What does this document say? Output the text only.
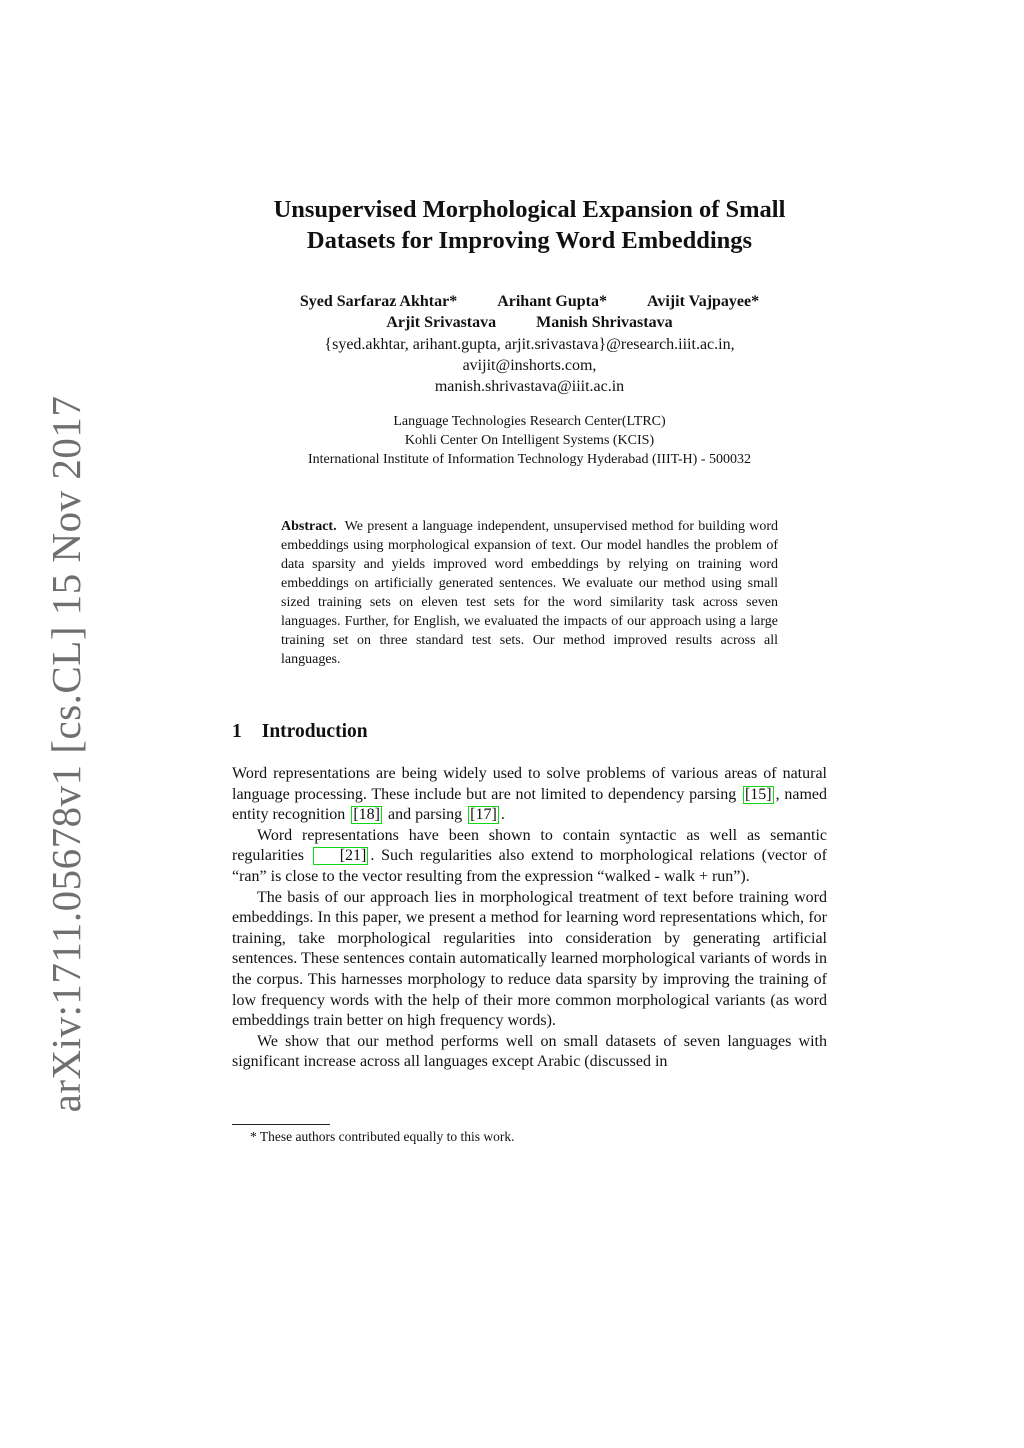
arXiv:1711.05678v1 [cs.CL] 15 Nov 2017
Unsupervised Morphological Expansion of Small
Datasets for Improving Word Embeddings
Syed Sarfaraz Akhtar*	Arihant Gupta*	Avijit Vajpayee*
Arjit Srivastava	Manish Shrivastava
{syed.akhtar, arihant.gupta, arjit.srivastava}@research.iiit.ac.in,
avijit@inshorts.com,
manish.shrivastava@iiit.ac.in
Language Technologies Research Center(LTRC)
Kohli Center On Intelligent Systems (KCIS)
International Institute of Information Technology Hyderabad (IIIT-H) - 500032

Abstract. We present a language independent, unsupervised method for building word embeddings using morphological expansion of text. Our model handles the problem of data sparsity and yields improved word embeddings by relying on training word embeddings on artificially generated sentences. We evaluate our method using small sized training sets on eleven test sets for the word similarity task across seven languages. Further, for English, we evaluated the impacts of our approach using a large training set on three standard test sets. Our method improved results across all languages.

1 Introduction

Word representations are being widely used to solve problems of various areas of natural language processing. These include but are not limited to dependency parsing [15] , named entity recognition [18] and parsing [17] .

Word representations have been shown to contain syntactic as well as semantic regularities [21] . Such regularities also extend to morphological relations (vector of “ran” is close to the vector resulting from the expression “walked - walk + run”).

The basis of our approach lies in morphological treatment of text before training word embeddings. In this paper, we present a method for learning word representations which, for training, take morphological regularities into consideration by generating artificial sentences. These sentences contain automatically learned morphological variants of words in the corpus. This harnesses morphology to reduce data sparsity by improving the training of low frequency words with the help of their more common morphological variants (as word embeddings train better on high frequency words).

We show that our method performs well on small datasets of seven languages with significant increase across all languages except Arabic (discussed in

* These authors contributed equally to this work.
